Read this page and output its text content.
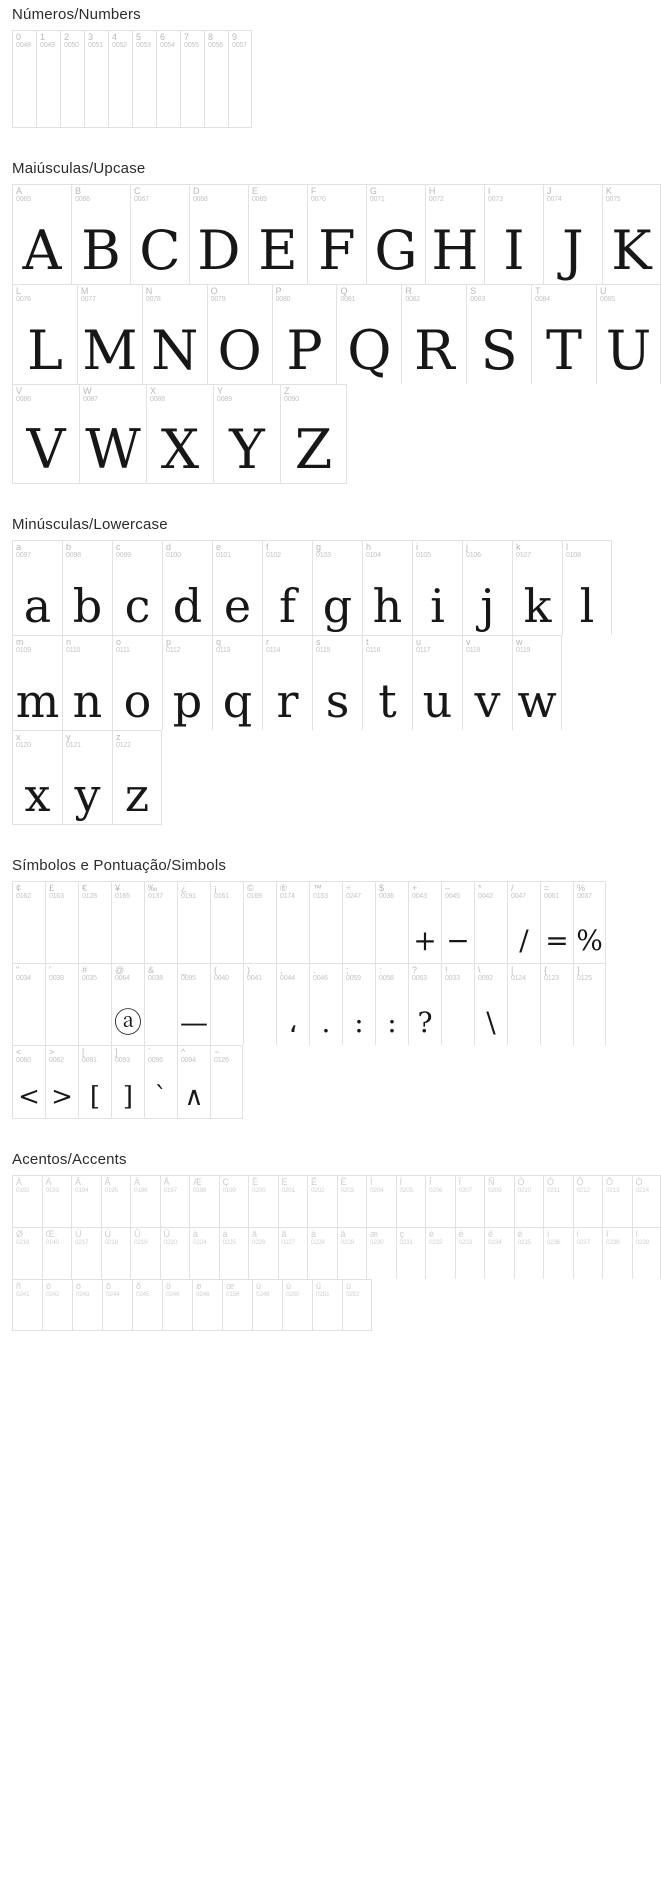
Números/Numbers
0
0048
1
0049
2
0050
3
0051
4
0052
5
0053
6
0054
7
0055
8
0056
9
0057
Maiúsculas/Upcase
A
0065
A
B
0066
B
C
0067
C
D
0068
D
E
0069
E
F
0070
F
G
0071
G
H
0072
H
I
0073
I
J
0074
J
K
0075
K
L
0076
L
M
0077
M
N
0078
N
O
0079
O
P
0080
P
Q
0081
Q
R
0082
R
S
0083
S
T
0084
T
U
0085
U
V
0086
V
W
0087
W
X
0088
X
Y
0089
Y
Z
0090
Z
Minúsculas/Lowercase
a
0097
a
b
0098
b
c
0099
c
d
0100
d
e
0101
e
f
0102
f
g
0103
g
h
0104
h
i
0105
i
j
0106
j
k
0107
k
l
0108
l
m
0109
m
n
0110
n
o
0111
o
p
0112
p
q
0113
q
r
0114
r
s
0115
s
t
0116
t
u
0117
u
v
0118
v
w
0119
w
x
0120
x
y
0121
y
z
0122
z
Símbolos e Pontuação/Simbols
¢
0162
£
0163
€
0128
¥
0165
‰
0137
¿
0191
¡
0161
©
0169
®
0174
™
0153
÷
0247
$
0036
+
0043
+
–
0045
−
*
0042
/
0047
/
=
0061
=
%
0037
%
"
0034
'
0039
#
0035
@
0064
ⓐ
&
0038
_
0095
—
(
0040
)
0041
,
0044
،
.
0046
.
;
0059
:
:
0058
:
?
0063
?
!
0033
\
0092
\
|
0124
{
0123
}
0125
<
0060
<
>
0062
>
[
0091
[
]
0093
]
`
0096
`
^
0094
∧
~
0126
Acentos/Accents
À
0192
Á
0193
Â
0194
Ã
0195
Ä
0196
Å
0197
Æ
0198
Ç
0199
È
0200
É
0201
Ê
0202
Ë
0203
Ì
0204
Í
0205
Î
0206
Ï
0207
Ñ
0209
Ò
0210
Ó
0211
Ô
0212
Õ
0213
Ö
0214
Ø
0216
Œ
0140
Ù
0217
Ú
0218
Û
0219
Ü
0220
à
0224
á
0225
â
0226
ã
0227
ä
0228
â
0229
æ
0230
ç
0231
è
0232
é
0233
ê
0234
ë
0235
ì
0236
í
0237
î
0238
ï
0239
ñ
0241
ò
0242
ó
0243
ô
0244
õ
0245
ö
0246
ø
0248
œ
0156
ù
0249
ú
0250
û
0251
ü
0252
